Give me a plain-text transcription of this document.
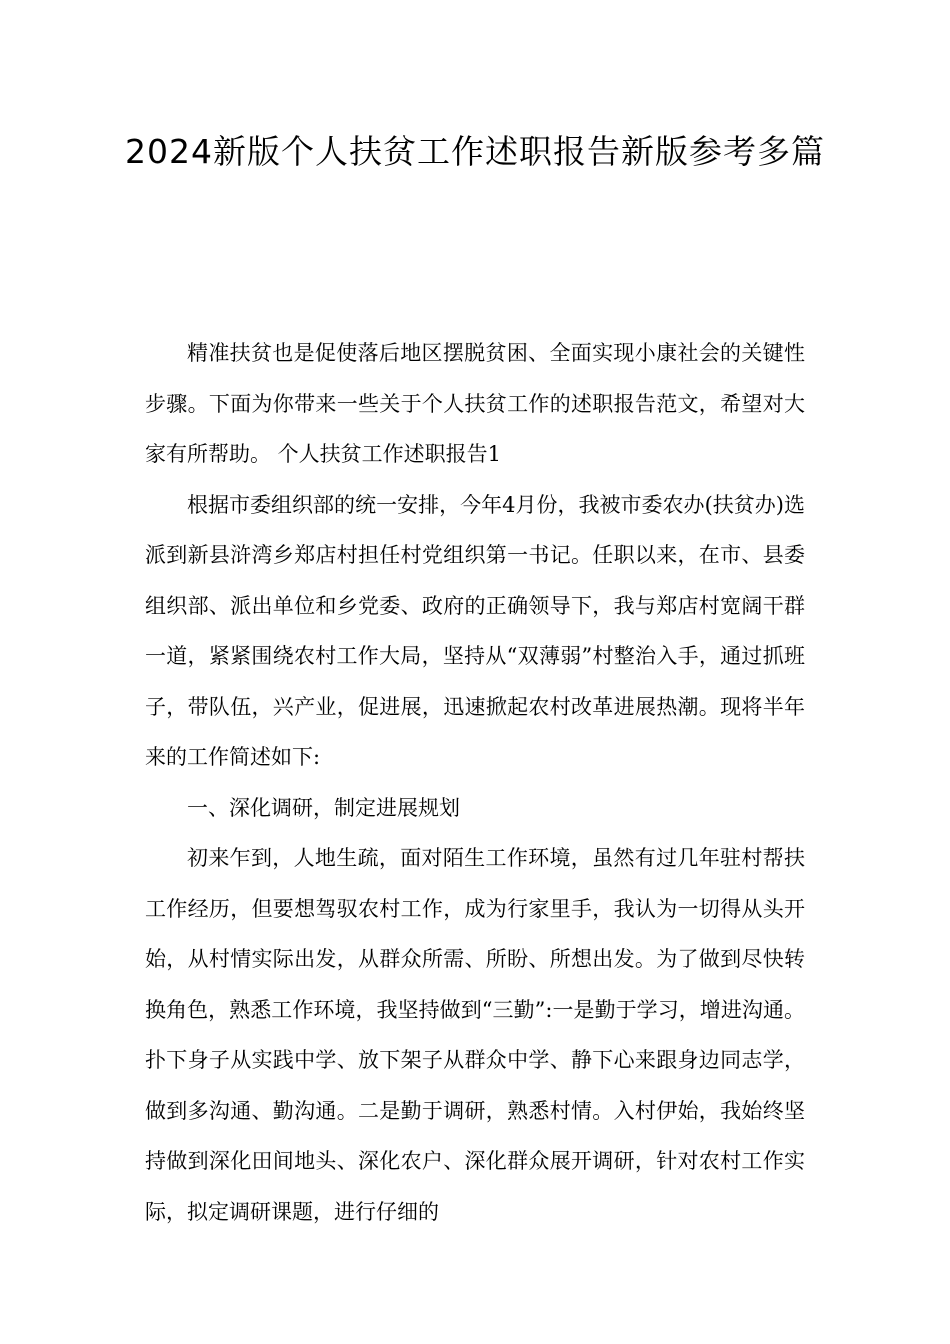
2024新版个人扶贫工作述职报告新版参考多篇

精准扶贫也是促使落后地区摆脱贫困、全面实现小康社会的关键性步骤。下面为你带来一些关于个人扶贫工作的述职报告范文，希望对大家有所帮助。 个人扶贫工作述职报告1

根据市委组织部的统一安排，今年4月份，我被市委农办(扶贫办)选派到新县浒湾乡郑店村担任村党组织第一书记。任职以来，在市、县委组织部、派出单位和乡党委、政府的正确领导下，我与郑店村宽阔干群一道，紧紧围绕农村工作大局，坚持从“双薄弱”村整治入手，通过抓班子，带队伍，兴产业，促进展，迅速掀起农村改革进展热潮。现将半年来的工作简述如下:

一、深化调研，制定进展规划

初来乍到，人地生疏，面对陌生工作环境，虽然有过几年驻村帮扶工作经历，但要想驾驭农村工作，成为行家里手，我认为一切得从头开始，从村情实际出发，从群众所需、所盼、所想出发。为了做到尽快转换角色，熟悉工作环境，我坚持做到“三勤”:一是勤于学习，增进沟通。扑下身子从实践中学、放下架子从群众中学、静下心来跟身边同志学，做到多沟通、勤沟通。二是勤于调研，熟悉村情。入村伊始，我始终坚持做到深化田间地头、深化农户、深化群众展开调研，针对农村工作实际，拟定调研课题，进行仔细的
